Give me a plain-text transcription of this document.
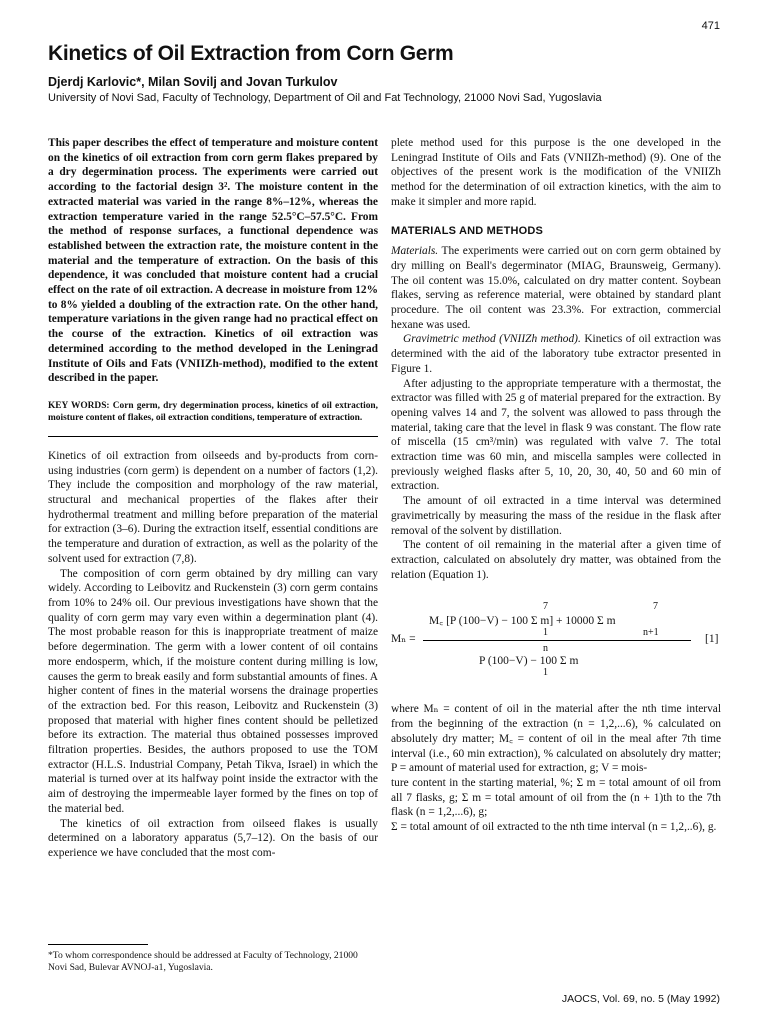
471
Kinetics of Oil Extraction from Corn Germ
Djerdj Karlovic*, Milan Sovilj and Jovan Turkulov
University of Novi Sad, Faculty of Technology, Department of Oil and Fat Technology, 21000 Novi Sad, Yugoslavia

This paper describes the effect of temperature and moisture content on the kinetics of oil extraction from corn germ flakes prepared by a dry degermination process. The experiments were carried out according to the factorial design 3². The moisture content in the extracted material was varied in the range 8%–12%, whereas the extraction temperature varied in the range 52.5°C–57.5°C. From the method of response surfaces, a functional dependence was established between the extraction rate, the moisture content in the material and the temperature of extraction. On the basis of this dependence, it was concluded that moisture content had a crucial effect on the rate of oil extraction. A decrease in moisture from 12% to 8% yielded a doubling of the extraction rate. On the other hand, temperature variations in the given range had no practical effect on the course of the extraction. Kinetics of oil extraction was determined according to the method developed in the Leningrad Institute of Oils and Fats (VNIIZh-method), modified to the extent described in the paper.

KEY WORDS: Corn germ, dry degermination process, kinetics of oil extraction, moisture content of flakes, oil extraction conditions, temperature of extraction.

Kinetics of oil extraction from oilseeds and by-products from corn-using industries (corn germ) is dependent on a number of factors (1,2). They include the composition and morphology of the raw material, structural and mechanical properties of the flakes after their hydrothermal treatment and milling before preparation of the material for extraction (3–6). During the extraction itself, essential conditions are the temperature and duration of extraction, as well as the polarity of the solvent used for extraction (7,8).

The composition of corn germ obtained by dry milling can vary widely. According to Leibovitz and Ruckenstein (3) corn germ contains from 10% to 24% oil. Our previous investigations have shown that the quality of corn germ may vary even within a degermination plant (4). The most probable reason for this is inappropriate treatment of maize before degermination. The germ with a lower content of oil contains more endosperm, which, if the moisture content during milling is low, causes the germ to break easily and form substantial amounts of fines. A higher content of fines in the material worsens the drainage properties of the extraction bed. For this reason, Leibovitz and Ruckenstein (3) proposed that material with higher fines content should be pelletized before its extraction. The material thus obtained possesses improved filtration properties. Besides, the authors proposed to use the TOM extractor (H.L.S. Industrial Company, Petah Tikva, Israel) in which the material is turned over at its halfway point inside the extractor with the aim of destroying the impermeable layer formed by the fines on top of the material bed.

The kinetics of oil extraction from oilseed flakes is usually determined on a laboratory apparatus (5,7–12). On the basis of our experience we have concluded that the most com-

plete method used for this purpose is the one developed in the Leningrad Institute of Oils and Fats (VNIIZh-method) (9). One of the objectives of the present work is the modification of the VNIIZh method for the determination of oil extraction kinetics, with the aim to make it simpler and more rapid.

MATERIALS AND METHODS

Materials. The experiments were carried out on corn germ obtained by dry milling on Beall's degerminator (MIAG, Braunsweig, Germany). The oil content was 15.0%, calculated on dry matter content. Soybean flakes, serving as reference material, were obtained by standard plant procedure. The oil content was 23.3%. For extraction, commercial hexane was used.

Gravimetric method (VNIIZh method). Kinetics of oil extraction was determined with the aid of the laboratory tube extractor presented in Figure 1.

After adjusting to the appropriate temperature with a thermostat, the extractor was filled with 25 g of material prepared for the extraction. By opening valves 14 and 7, the solvent was allowed to pass through the material, taking care that the level in flask 9 was constant. The flow rate of miscella (15 cm³/min) was regulated with valve 7. The total extraction time was 60 min, and miscella samples were collected in previously weighed flasks after 5, 10, 20, 30, 40, 50 and 60 min of extraction.

The amount of oil extracted in a time interval was determined gravimetrically by measuring the mass of the residue in the flask after removal of the solvent by distillation.

The content of oil remaining in the material after a given time of extraction, calculated on absolutely dry matter, was obtained from the relation (Equation 1).

Mₙ =
7	7
M꜀ [P (100−V) − 100 Σ m] + 10000 Σ m
1	n+1
n
P (100−V) − 100 Σ m
1
[1]

where Mₙ = content of oil in the material after the nth time interval from the beginning of the extraction (n = 1,2,...6), % calculated on absolutely dry matter; M꜀ = content of oil in the meal after 7th time interval (i.e., 60 min extraction), % calculated on absolutely dry matter; P = amount of material used for extraction, g; V = mois-

ture content in the starting material, %; Σ m = total amount of oil from all 7 flasks, g; Σ m = total amount of oil from the (n + 1)th to the 7th flask (n = 1,2,...6), g;

Σ = total amount of oil extracted to the nth time interval (n = 1,2,..6), g.

*To whom correspondence should be addressed at Faculty of Technology, 21000 Novi Sad, Bulevar AVNOJ-a1, Yugoslavia.
JAOCS, Vol. 69, no. 5 (May 1992)
